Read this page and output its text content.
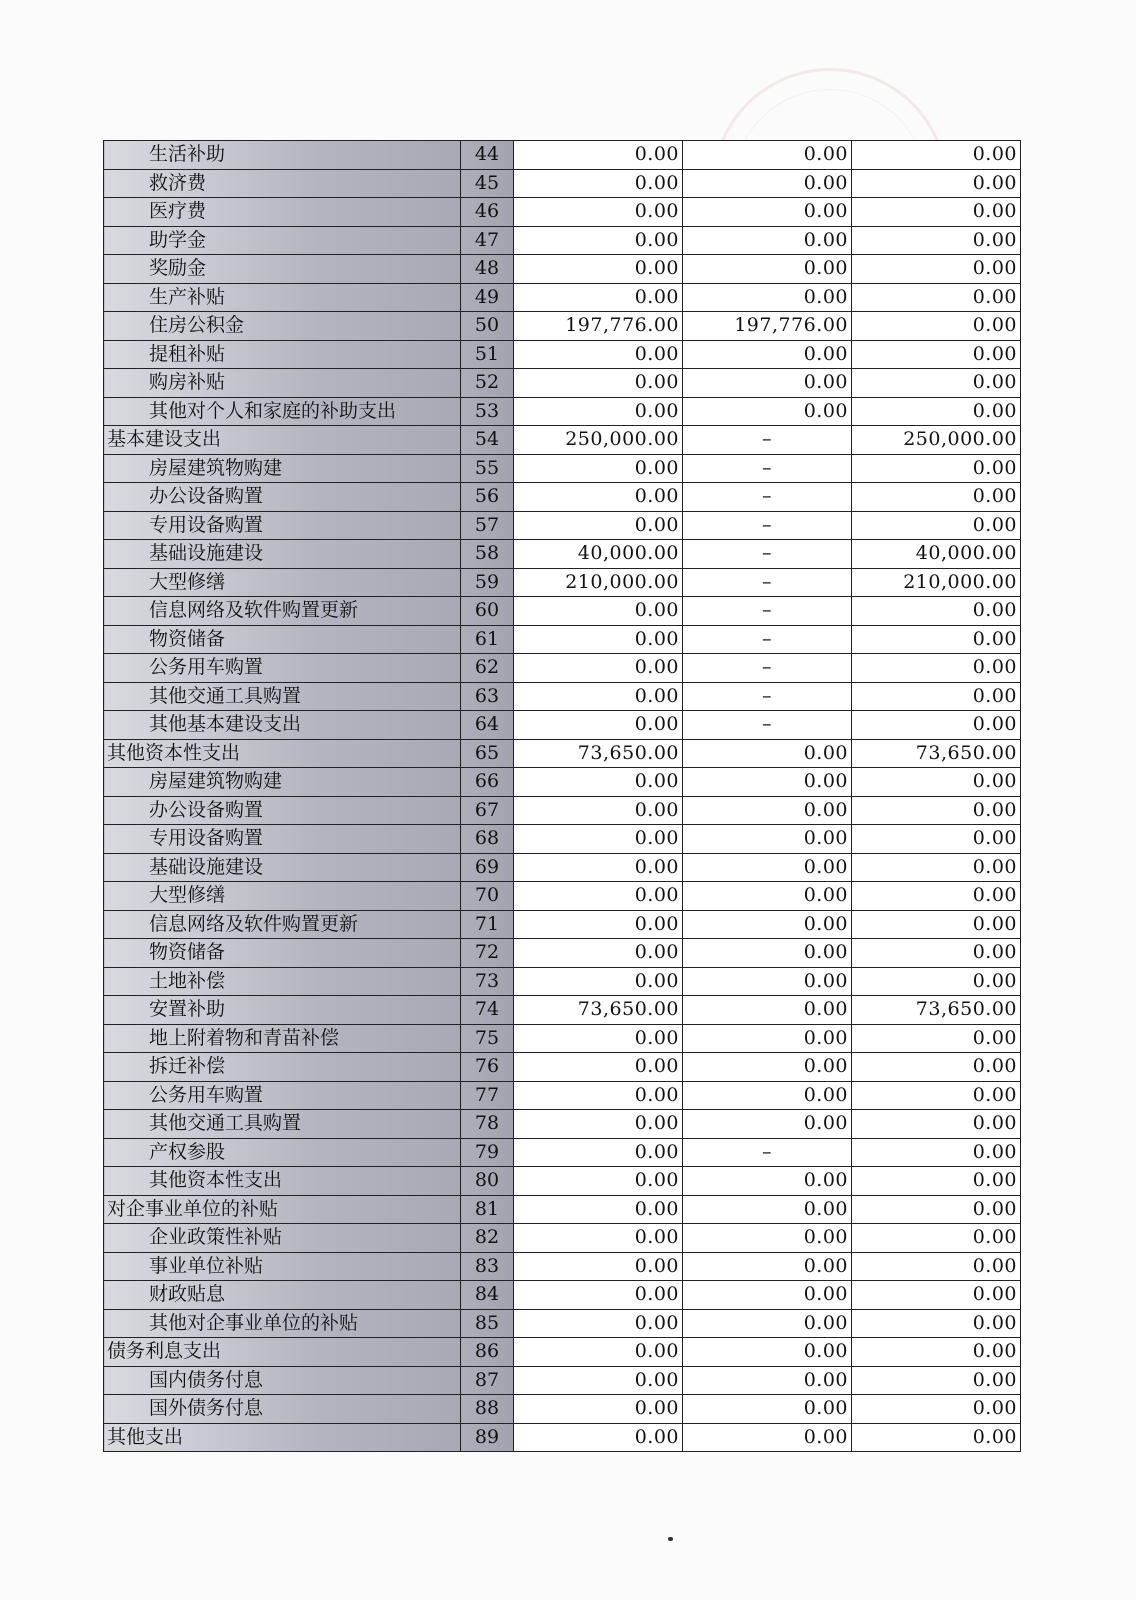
生活补助	44	0.00	0.00	0.00
救济费	45	0.00	0.00	0.00
医疗费	46	0.00	0.00	0.00
助学金	47	0.00	0.00	0.00
奖励金	48	0.00	0.00	0.00
生产补贴	49	0.00	0.00	0.00
住房公积金	50	197,776.00	197,776.00	0.00
提租补贴	51	0.00	0.00	0.00
购房补贴	52	0.00	0.00	0.00
其他对个人和家庭的补助支出	53	0.00	0.00	0.00
基本建设支出	54	250,000.00	–	250,000.00
房屋建筑物购建	55	0.00	–	0.00
办公设备购置	56	0.00	–	0.00
专用设备购置	57	0.00	–	0.00
基础设施建设	58	40,000.00	–	40,000.00
大型修缮	59	210,000.00	–	210,000.00
信息网络及软件购置更新	60	0.00	–	0.00
物资储备	61	0.00	–	0.00
公务用车购置	62	0.00	–	0.00
其他交通工具购置	63	0.00	–	0.00
其他基本建设支出	64	0.00	–	0.00
其他资本性支出	65	73,650.00	0.00	73,650.00
房屋建筑物购建	66	0.00	0.00	0.00
办公设备购置	67	0.00	0.00	0.00
专用设备购置	68	0.00	0.00	0.00
基础设施建设	69	0.00	0.00	0.00
大型修缮	70	0.00	0.00	0.00
信息网络及软件购置更新	71	0.00	0.00	0.00
物资储备	72	0.00	0.00	0.00
土地补偿	73	0.00	0.00	0.00
安置补助	74	73,650.00	0.00	73,650.00
地上附着物和青苗补偿	75	0.00	0.00	0.00
拆迁补偿	76	0.00	0.00	0.00
公务用车购置	77	0.00	0.00	0.00
其他交通工具购置	78	0.00	0.00	0.00
产权参股	79	0.00	–	0.00
其他资本性支出	80	0.00	0.00	0.00
对企事业单位的补贴	81	0.00	0.00	0.00
企业政策性补贴	82	0.00	0.00	0.00
事业单位补贴	83	0.00	0.00	0.00
财政贴息	84	0.00	0.00	0.00
其他对企事业单位的补贴	85	0.00	0.00	0.00
债务利息支出	86	0.00	0.00	0.00
国内债务付息	87	0.00	0.00	0.00
国外债务付息	88	0.00	0.00	0.00
其他支出	89	0.00	0.00	0.00
